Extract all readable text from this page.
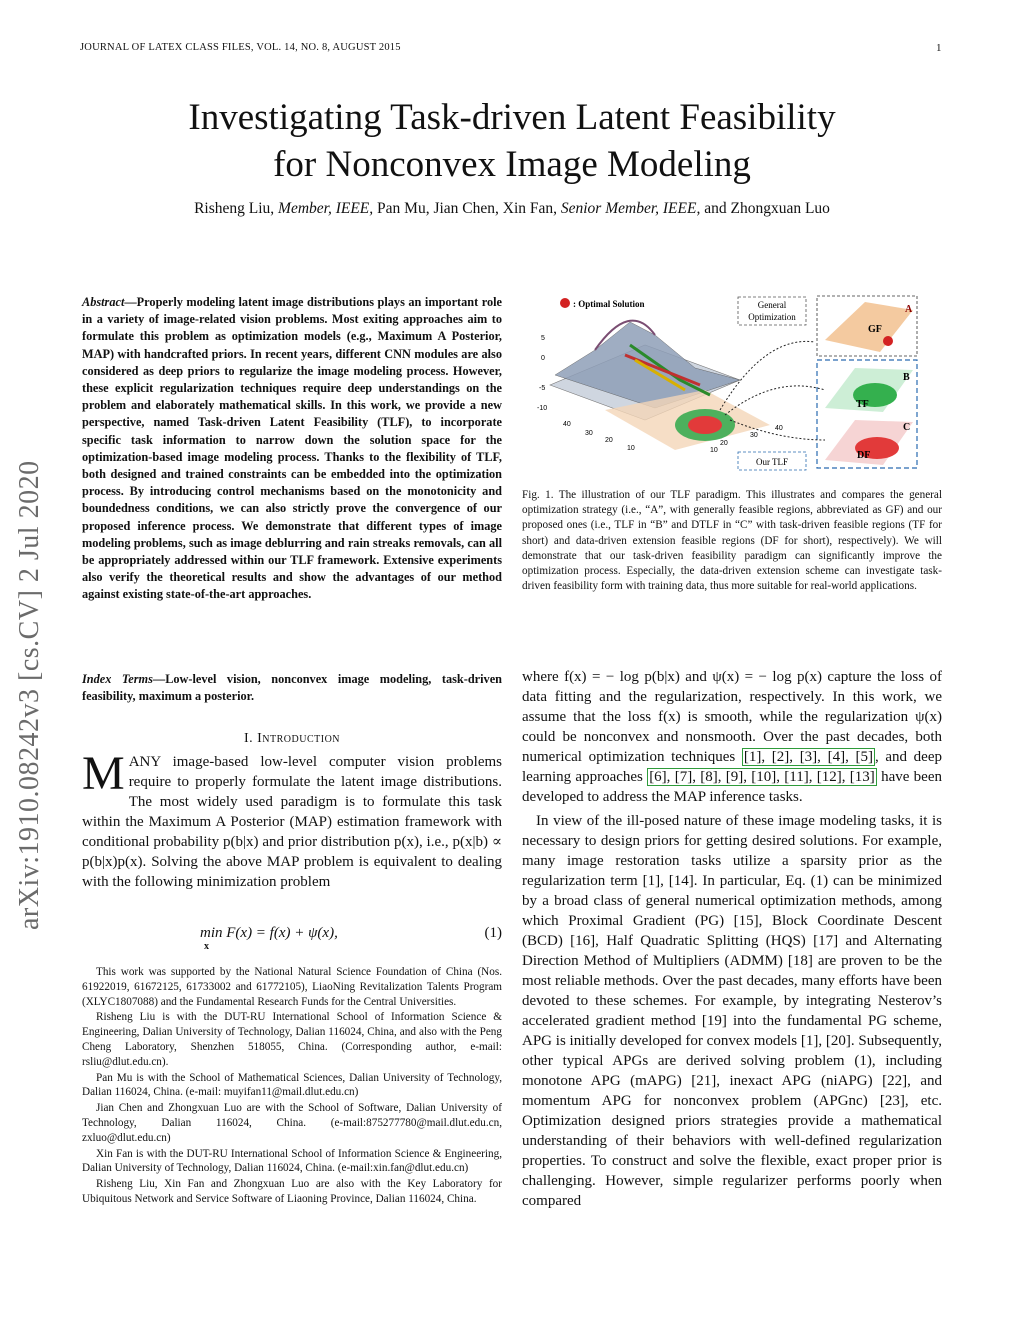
JOURNAL OF LATEX CLASS FILES, VOL. 14, NO. 8, AUGUST 2015	1
Investigating Task-driven Latent Feasibility
for Nonconvex Image Modeling
Risheng Liu, Member, IEEE, Pan Mu, Jian Chen, Xin Fan, Senior Member, IEEE, and Zhongxuan Luo
arXiv:1910.08242v3 [cs.CV] 2 Jul 2020
Abstract—Properly modeling latent image distributions plays an important role in a variety of image-related vision problems. Most exiting approaches aim to formulate this problem as optimization models (e.g., Maximum A Posterior, MAP) with handcrafted priors. In recent years, different CNN modules are also considered as deep priors to regularize the image modeling process. However, these explicit regularization techniques require deep understandings on the problem and elaborately mathematical skills. In this work, we provide a new perspective, named Task-driven Latent Feasibility (TLF), to incorporate specific task information to narrow down the solution space for the optimization-based image modeling process. Thanks to the flexibility of TLF, both designed and trained constraints can be embedded into the optimization process. By introducing control mechanisms based on the monotonicity and boundedness conditions, we can also strictly prove the convergence of our proposed inference process. We demonstrate that different types of image modeling problems, such as image deblurring and rain streaks removals, can all be appropriately addressed within our TLF framework. Extensive experiments also verify the theoretical results and show the advantages of our method against existing state-of-the-art approaches.
Index Terms—Low-level vision, nonconvex image modeling, task-driven feasibility, maximum a posterior.
I. Introduction
MANY image-based low-level computer vision problems require to properly formulate the latent image distributions. The most widely used paradigm is to formulate this task within the Maximum A Posterior (MAP) estimation framework with conditional probability p(b|x) and prior distribution p(x), i.e., p(x|b) ∝ p(b|x)p(x). Solving the above MAP problem is equivalent to dealing with the following minimization problem
min F(x) = f(x) + ψ(x),
x
(1)

This work was supported by the National Natural Science Foundation of China (Nos. 61922019, 61672125, 61733002 and 61772105), LiaoNing Revitalization Talents Program (XLYC1807088) and the Fundamental Research Funds for the Central Universities.

Risheng Liu is with the DUT-RU International School of Information Science & Engineering, Dalian University of Technology, Dalian 116024, China, and also with the Peng Cheng Laboratory, Shenzhen 518055, China. (Corresponding author, e-mail: rsliu@dlut.edu.cn).

Pan Mu is with the School of Mathematical Sciences, Dalian University of Technology, Dalian 116024, China. (e-mail: muyifan11@mail.dlut.edu.cn)

Jian Chen and Zhongxuan Luo are with the School of Software, Dalian University of Technology, Dalian 116024, China. (e-mail:875277780@mail.dlut.edu.cn, zxluo@dlut.edu.cn)

Xin Fan is with the DUT-RU International School of Information Science & Engineering, Dalian University of Technology, Dalian 116024, China. (e-mail:xin.fan@dlut.edu.cn)

Risheng Liu, Xin Fan and Zhongxuan Luo are also with the Key Laboratory for Ubiquitous Network and Service Software of Liaoning Province, Dalian 116024, China.

: Optimal Solution
5
0
-5
-10
40
30
20
10	10
20
30
40
General
Optimization
A
GF
B
TF
C
DF
Our TLF
Fig. 1. The illustration of our TLF paradigm. This illustrates and compares the general optimization strategy (i.e., “A”, with generally feasible regions, abbreviated as GF) and our proposed ones (i.e., TLF in “B” and DTLF in “C” with task-driven feasible regions (TF for short) and data-driven extension feasible regions (DF for short), respectively). We will demonstrate that our task-driven feasibility paradigm can significantly improve the optimization process. Especially, the data-driven extension scheme can investigate task-driven feasibility form with training data, thus more suitable for real-world applications.

where f(x) = − log p(b|x) and ψ(x) = − log p(x) capture the loss of data fitting and the regularization, respectively. In this work, we assume that the loss f(x) is smooth, while the regularization ψ(x) could be nonconvex and nonsmooth. Over the past decades, both numerical optimization techniques [1], [2], [3], [4], [5] , and deep learning approaches [6], [7], [8], [9], [10], [11], [12], [13] have been developed to address the MAP inference tasks.

In view of the ill-posed nature of these image modeling tasks, it is necessary to design priors for getting desired solutions. For example, many image restoration tasks utilize a sparsity prior as the regularization term [1], [14]. In particular, Eq. (1) can be minimized by a broad class of general numerical optimization methods, among which Proximal Gradient (PG) [15], Block Coordinate Descent (BCD) [16], Half Quadratic Splitting (HQS) [17] and Alternating Direction Method of Multipliers (ADMM) [18] are proven to be the most reliable methods. Over the past decades, many efforts have been devoted to these schemes. For example, by integrating Nesterov’s accelerated gradient method [19] into the fundamental PG scheme, APG is initially developed for convex models [1], [20]. Subsequently, other typical APGs are derived solving problem (1), including monotone APG (mAPG) [21], inexact APG (niAPG) [22], and momentum APG for nonconvex problem (APGnc) [23], etc. Optimization designed priors strategies provide a mathematical understanding of their behaviors with well-defined regularization properties. To construct and solve the flexible, exact proper prior is challenging. However, simple regularizer performs poorly when compared
